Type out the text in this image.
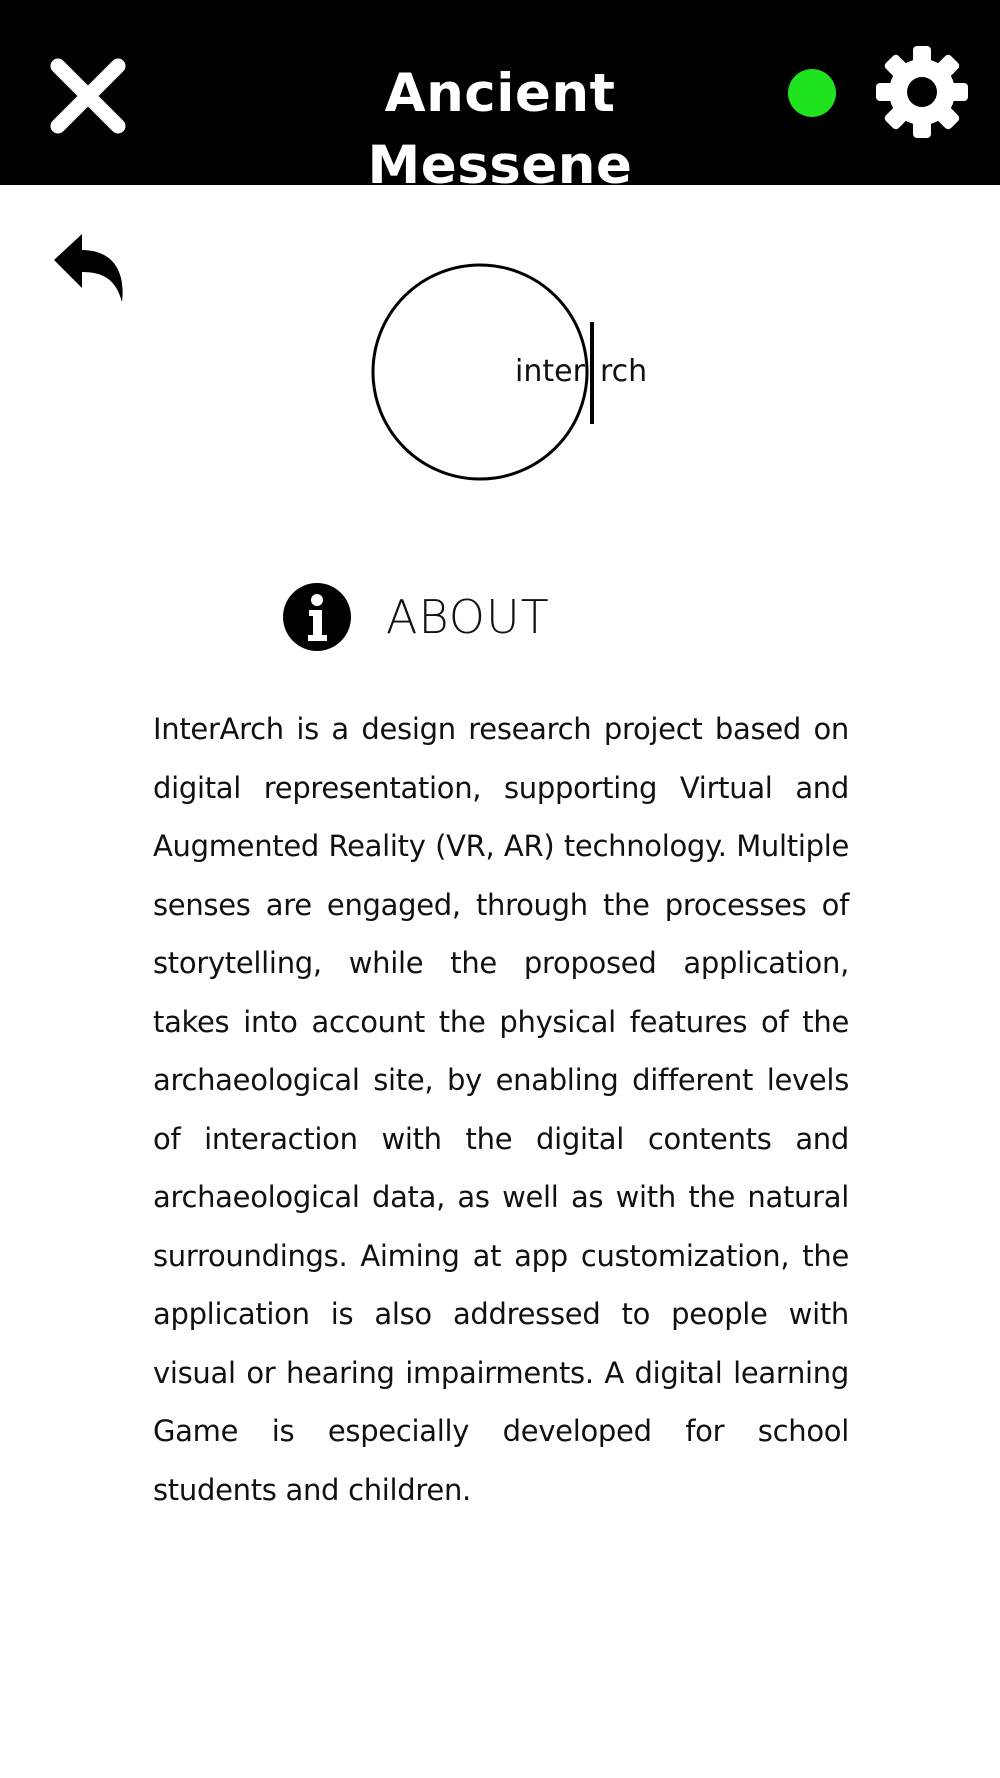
Ancient Messene
inter rch
ABOUT

InterArch is a design research project based on digital representation, supporting Virtual and Augmented Reality (VR, AR) technology. Multiple senses are engaged, through the processes of storytelling, while the proposed application, takes into account the physical features of the archaeological site, by enabling different levels of interaction with the digital contents and archaeological data, as well as with the natural surroundings. Aiming at app customization, the application is also addressed to people with visual or hearing impairments. A digital learning Game is especially developed for school students and children.
